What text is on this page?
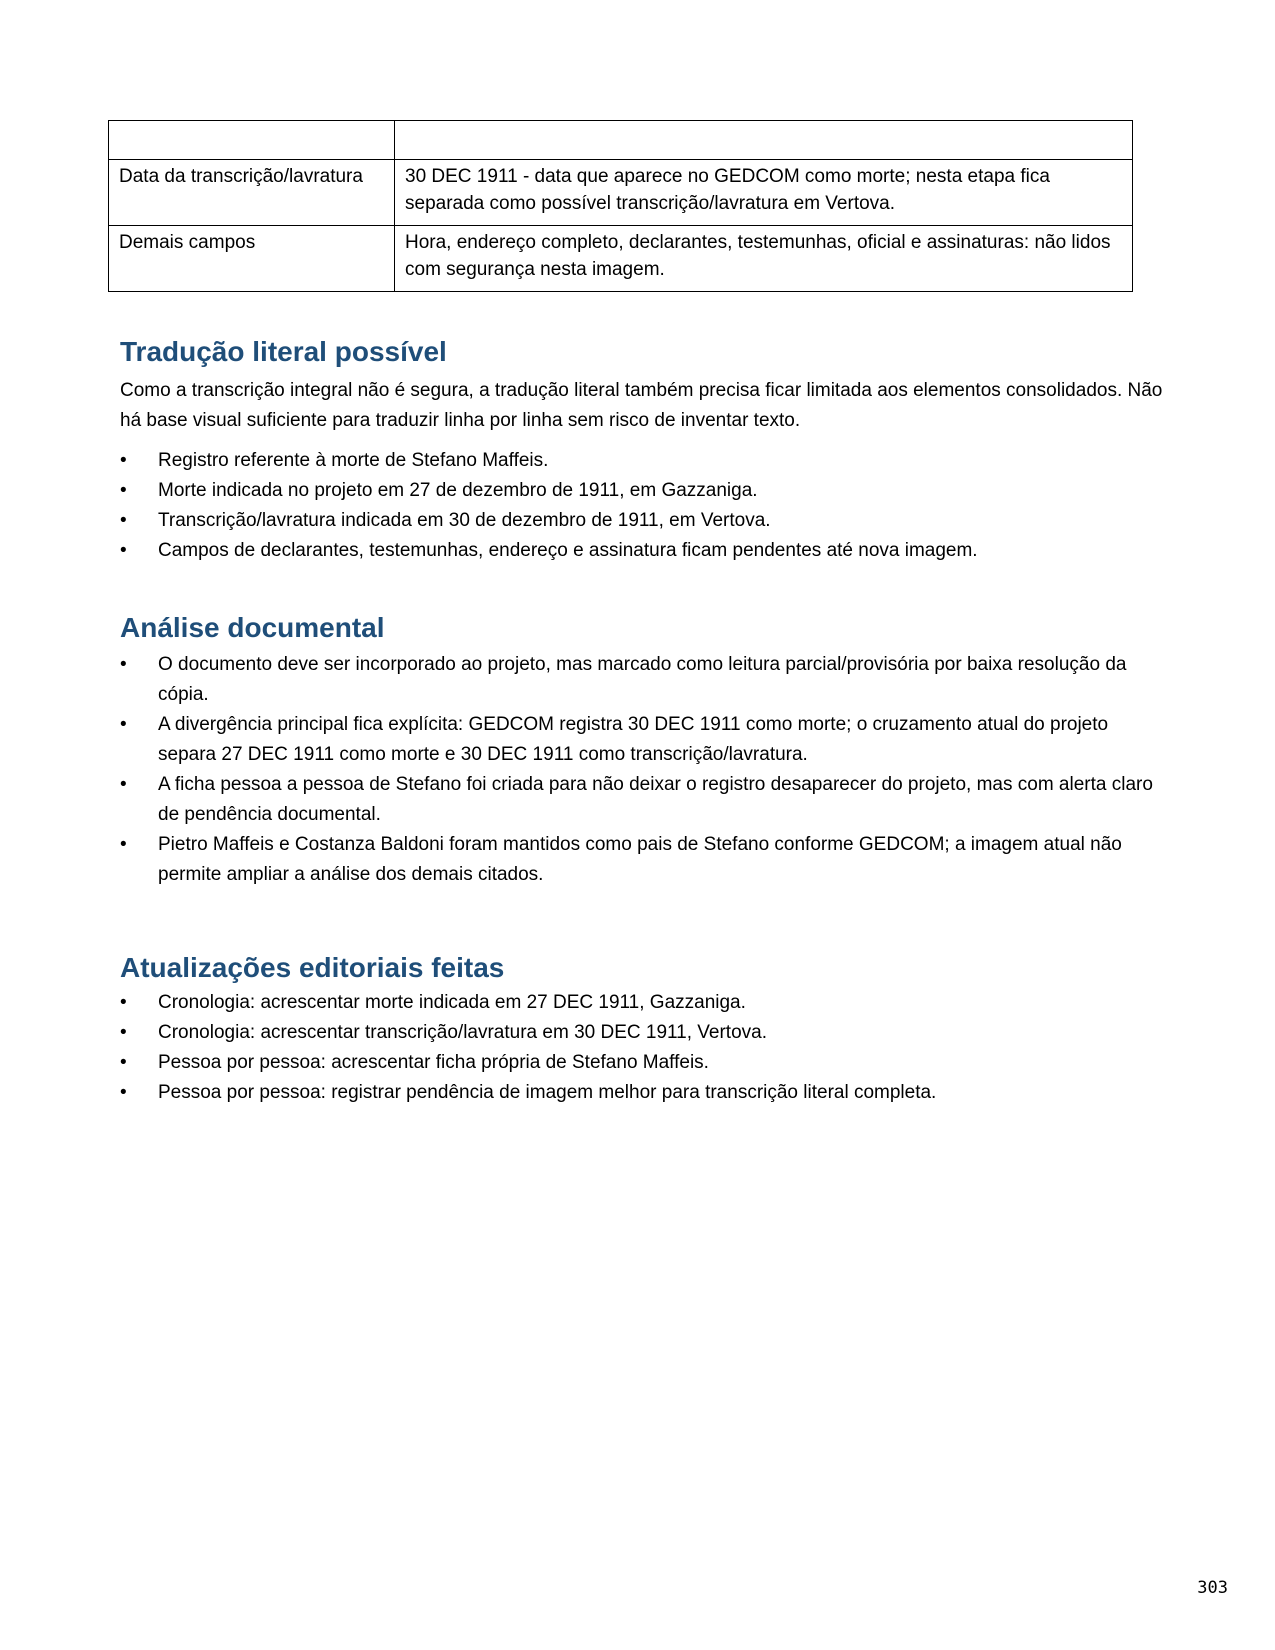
Data da transcrição/lavratura	30 DEC 1911 - data que aparece no GEDCOM como morte; nesta etapa fica separada como possível transcrição/lavratura em Vertova.
Demais campos	Hora, endereço completo, declarantes, testemunhas, oficial e assinaturas: não lidos com segurança nesta imagem.
Tradução literal possível

Como a transcrição integral não é segura, a tradução literal também precisa ficar limitada aos elementos consolidados. Não há base visual suficiente para traduzir linha por linha sem risco de inventar texto.

• Registro referente à morte de Stefano Maffeis.
• Morte indicada no projeto em 27 de dezembro de 1911, em Gazzaniga.
• Transcrição/lavratura indicada em 30 de dezembro de 1911, em Vertova.
• Campos de declarantes, testemunhas, endereço e assinatura ficam pendentes até nova imagem.
Análise documental
• O documento deve ser incorporado ao projeto, mas marcado como leitura parcial/provisória por baixa resolução da cópia.
• A divergência principal fica explícita: GEDCOM registra 30 DEC 1911 como morte; o cruzamento atual do projeto separa 27 DEC 1911 como morte e 30 DEC 1911 como transcrição/lavratura.
• A ficha pessoa a pessoa de Stefano foi criada para não deixar o registro desaparecer do projeto, mas com alerta claro de pendência documental.
• Pietro Maffeis e Costanza Baldoni foram mantidos como pais de Stefano conforme GEDCOM; a imagem atual não permite ampliar a análise dos demais citados.
Atualizações editoriais feitas
• Cronologia: acrescentar morte indicada em 27 DEC 1911, Gazzaniga.
• Cronologia: acrescentar transcrição/lavratura em 30 DEC 1911, Vertova.
• Pessoa por pessoa: acrescentar ficha própria de Stefano Maffeis.
• Pessoa por pessoa: registrar pendência de imagem melhor para transcrição literal completa.
303
